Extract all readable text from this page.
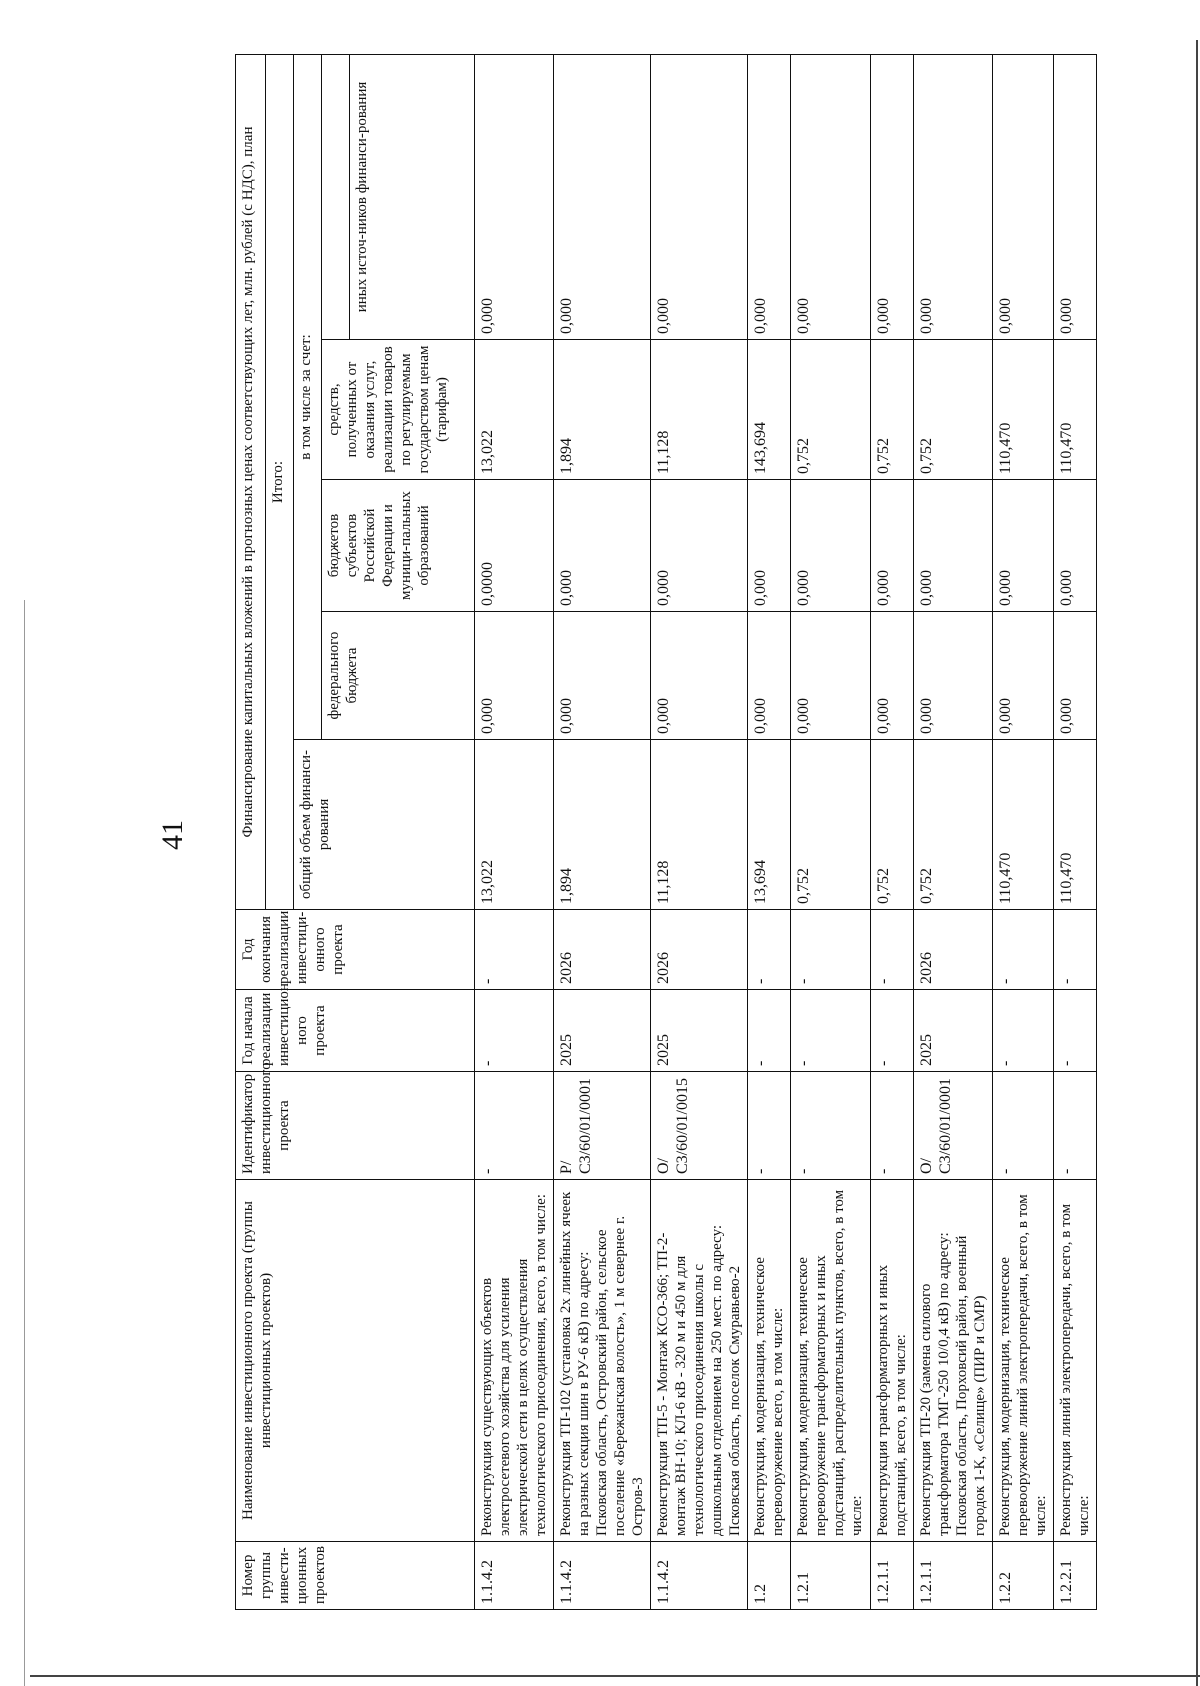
41
Номер группы инвести-ционных проектов	Наименование инвестиционного проекта (группы инвестиционных проектов)	Идентификатор инвестиционного проекта	Год начала реализации инвестицион ного проекта	Год окончания реализации инвестици-онного проекта	Финансирование капитальных вложений в прогнозных ценах соответствующих лет, млн. рублей (с НДС), план				
					Итого:				
					общий объем финанси-рования	в том числе за счет:			
						федерального бюджета	бюджетов субъектов Российской Федерации и муници-пальных образований	средств, полученных от оказания услуг, реализации товаров по регулируемым государством ценам (тарифам)	
									иных источ-ников финанси-рования
1.1.4.2	Реконструкция существующих объектов электросетевого хозяйства для усиления электрической сети в целях осуществления технологического присоединения, всего, в том числе:	-	-	-	13,022	0,000	0,0000	13,022	0,000
1.1.4.2	Реконструкция ТП-102 (установка 2х линейных ячеек на разных секция шин в РУ-6 кВ) по адресу: Псковская область, Островский район, сельское поселение «Бережанская волость», 1 м севернее г. Остров-3	Р/С3/60/01/0001	2025	2026	1,894	0,000	0,000	1,894	0,000
1.1.4.2	Реконструкция ТП-5 - Монтаж КСО-366; ТП-2-монтаж ВН-10; КЛ-6 кВ - 320 м и 450 м для технологического присоединения школы с дошкольным отделением на 250 мест. по адресу: Псковская область, поселок Смуравьево-2	О/С3/60/01/0015	2025	2026	11,128	0,000	0,000	11,128	0,000
1.2	Реконструкция, модернизация, техническое перевооружение всего, в том числе:	-	-	-	13,694	0,000	0,000	143,694	0,000
1.2.1	Реконструкция, модернизация, техническое перевооружение трансформаторных и иных подстанций, распределительных пунктов, всего, в том числе:	-	-	-	0,752	0,000	0,000	0,752	0,000
1.2.1.1	Реконструкция трансформаторных и иных подстанций, всего, в том числе:	-	-	-	0,752	0,000	0,000	0,752	0,000
1.2.1.1	Реконструкция ТП-20 (замена силового трансформатора ТМГ-250 10/0,4 кВ) по адресу: Псковская область, Порховсий район, военный городок 1-К, «Селище» (ПИР и СМР)	О/С3/60/01/0001	2025	2026	0,752	0,000	0,000	0,752	0,000
1.2.2	Реконструкция, модернизация, техническое перевооружение линий электропередачи, всего, в том числе:	-	-	-	110,470	0,000	0,000	110,470	0,000
1.2.2.1	Реконструкция линий электропередачи, всего, в том числе:	-	-	-	110,470	0,000	0,000	110,470	0,000
